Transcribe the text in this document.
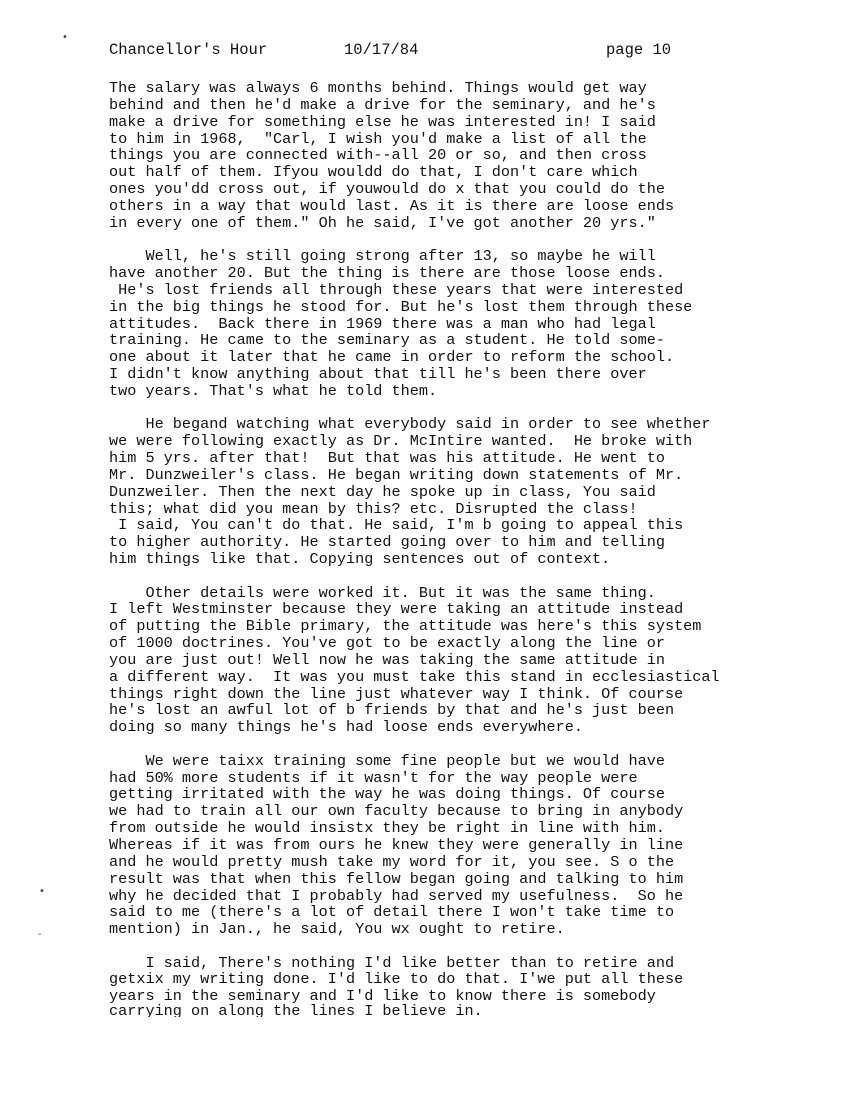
•
•
‐
Chancellor's Hour	10/17/84	page 10
The salary was always 6 months behind. Things would get way
behind and then he'd make a drive for the seminary, and he's
make a drive for something else he was interested in! I said
to him in 1968,  "Carl, I wish you'd make a list of all the
things you are connected with--all 20 or so, and then cross
out half of them. Ifyou wouldd do that, I don't care which
ones you'dd cross out, if youwould do x that you could do the
others in a way that would last. As it is there are loose ends
in every one of them." Oh he said, I've got another 20 yrs."
Well, he's still going strong after 13, so maybe he will
have another 20. But the thing is there are those loose ends.
He's lost friends all through these years that were interested
in the big things he stood for. But he's lost them through these
attitudes.  Back there in 1969 there was a man who had legal
training. He came to the seminary as a student. He told some-
one about it later that he came in order to reform the school.
I didn't know anything about that till he's been there over
two years. That's what he told them.
He begand watching what everybody said in order to see whether
we were following exactly as Dr. McIntire wanted.  He broke with
him 5 yrs. after that!  But that was his attitude. He went to
Mr. Dunzweiler's class. He began writing down statements of Mr.
Dunzweiler. Then the next day he spoke up in class, You said
this; what did you mean by this? etc. Disrupted the class!
I said, You can't do that. He said, I'm b going to appeal this
to higher authority. He started going over to him and telling
him things like that. Copying sentences out of context.
Other details were worked it. But it was the same thing.
I left Westminster because they were taking an attitude instead
of putting the Bible primary, the attitude was here's this system
of 1000 doctrines. You've got to be exactly along the line or
you are just out! Well now he was taking the same attitude in
a different way.  It was you must take this stand in ecclesiastical
things right down the line just whatever way I think. Of course
he's lost an awful lot of b friends by that and he's just been
doing so many things he's had loose ends everywhere.
We were taixx training some fine people but we would have
had 50% more students if it wasn't for the way people were
getting irritated with the way he was doing things. Of course
we had to train all our own faculty because to bring in anybody
from outside he would insistx they be right in line with him.
Whereas if it was from ours he knew they were generally in line
and he would pretty mush take my word for it, you see. S o the
result was that when this fellow began going and talking to him
why he decided that I probably had served my usefulness.  So he
said to me (there's a lot of detail there I won't take time to
mention) in Jan., he said, You wx ought to retire.
I said, There's nothing I'd like better than to retire and
getxix my writing done. I'd like to do that. I'we put all these
years in the seminary and I'd like to know there is somebody
carrying on along the lines I believe in.
